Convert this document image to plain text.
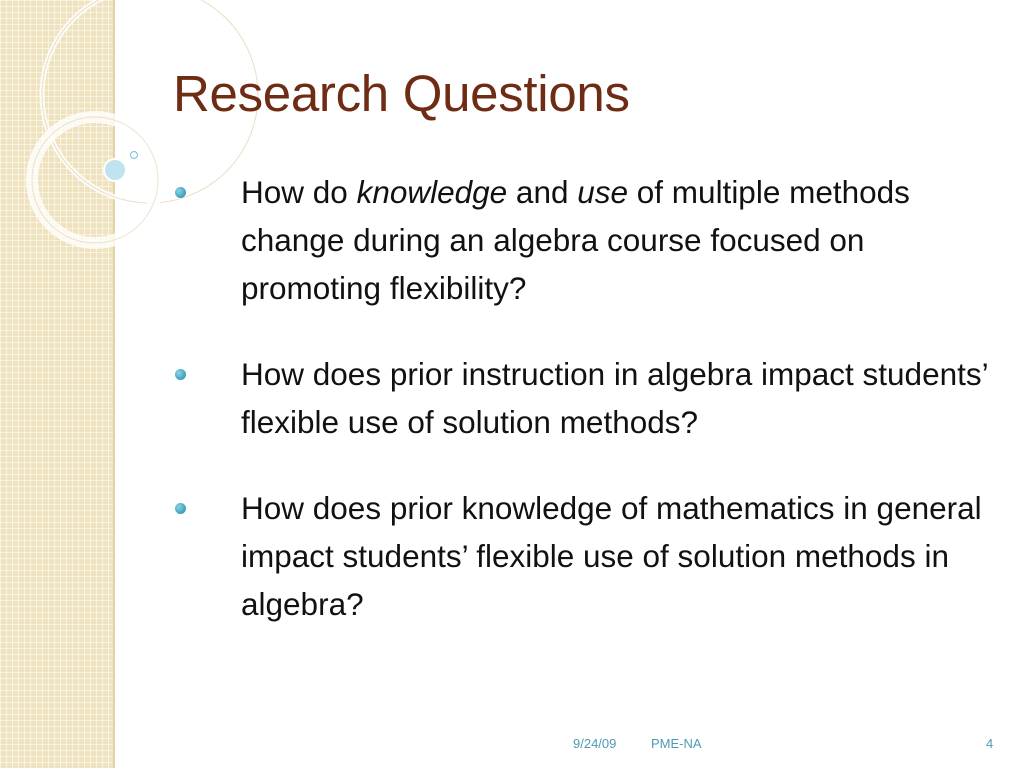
Research Questions
How do knowledge and use of multiple methods change during an algebra course focused on promoting flexibility?
How does prior instruction in algebra impact students’ flexible use of solution methods?
How does prior knowledge of mathematics in general impact students’ flexible use of solution methods in algebra?
9/24/09	PME-NA	4
